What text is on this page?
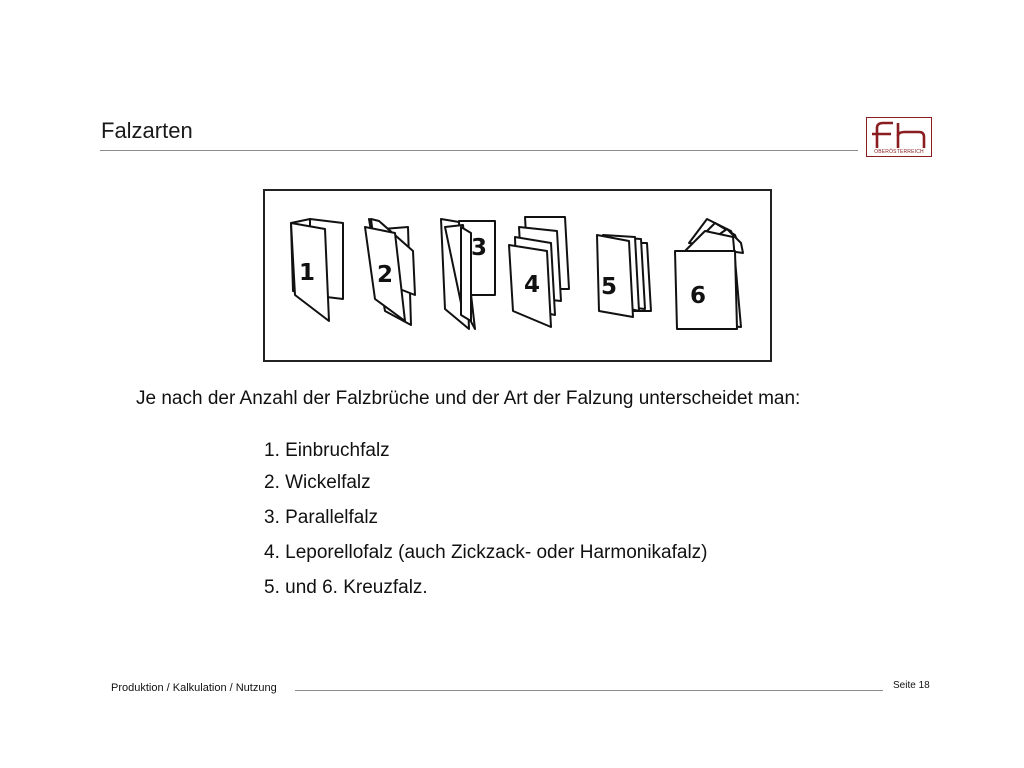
Falzarten
OBERÖSTERREICH
1	2
3
4	5	6
Je nach der Anzahl der Falzbrüche und der Art der Falzung unterscheidet man:
1. Einbruchfalz
2. Wickelfalz
3. Parallelfalz
4. Leporellofalz (auch Zickzack- oder Harmonikafalz)
5. und 6. Kreuzfalz.
Produktion / Kalkulation / Nutzung	Seite 18
